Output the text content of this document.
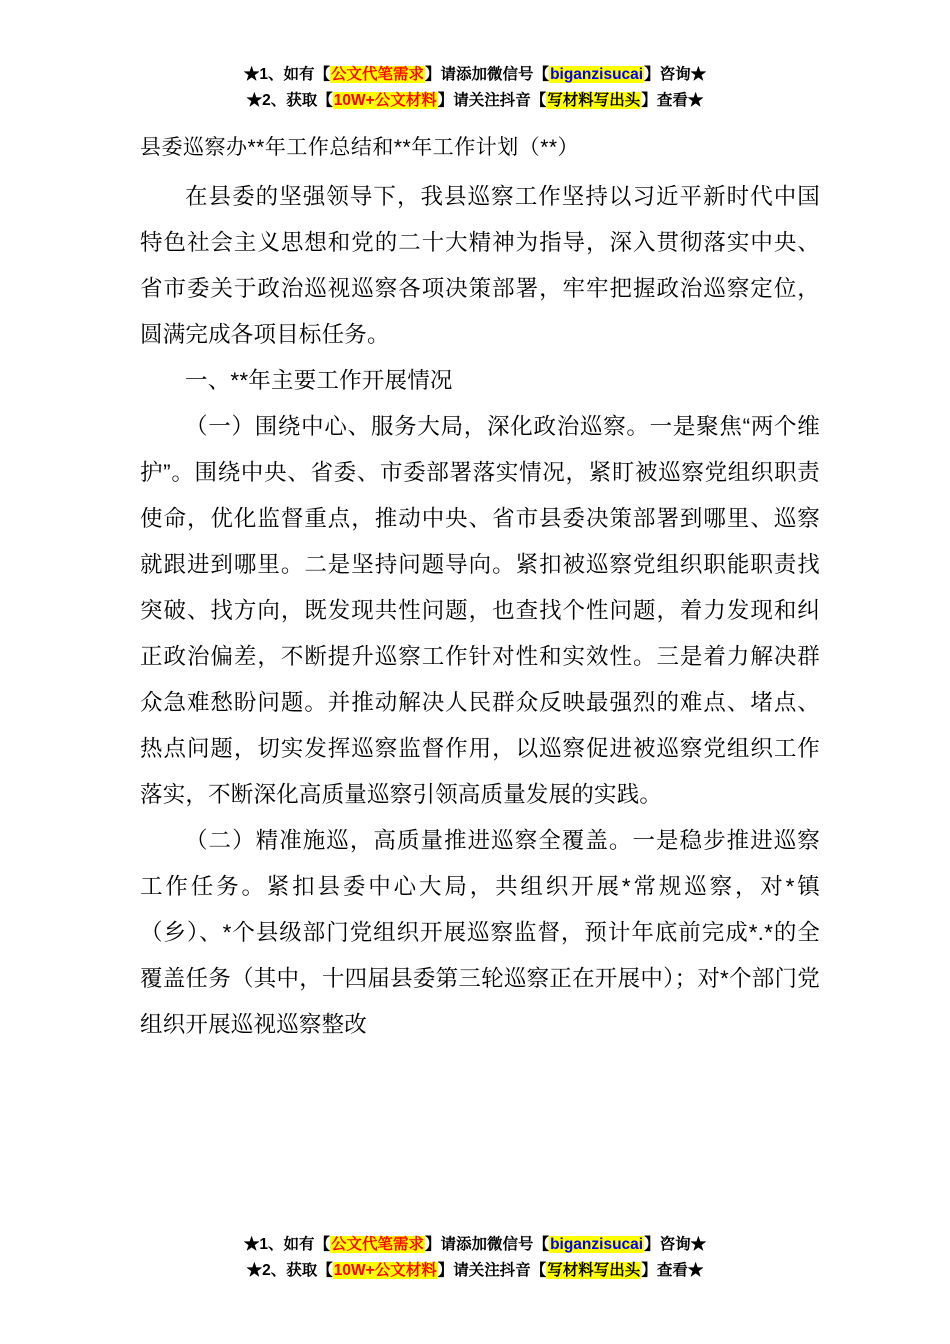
★1、如有【公文代笔需求】请添加微信号【biganzisucai】咨询★
★2、获取【10W+公文材料】请关注抖音【写材料写出头】查看★
县委巡察办**年工作总结和**年工作计划（**）

在县委的坚强领导下，我县巡察工作坚持以习近平新时代中国特色社会主义思想和党的二十大精神为指导，深入贯彻落实中央、省市委关于政治巡视巡察各项决策部署，牢牢把握政治巡察定位，圆满完成各项目标任务。

一、**年主要工作开展情况

（一）围绕中心、服务大局，深化政治巡察。一是聚焦“两个维护”。围绕中央、省委、市委部署落实情况，紧盯被巡察党组织职责使命，优化监督重点，推动中央、省市县委决策部署到哪里、巡察就跟进到哪里。二是坚持问题导向。紧扣被巡察党组织职能职责找突破、找方向，既发现共性问题，也查找个性问题，着力发现和纠正政治偏差，不断提升巡察工作针对性和实效性。三是着力解决群众急难愁盼问题。并推动解决人民群众反映最强烈的难点、堵点、热点问题，切实发挥巡察监督作用，以巡察促进被巡察党组织工作落实，不断深化高质量巡察引领高质量发展的实践。

（二）精准施巡，高质量推进巡察全覆盖。一是稳步推进巡察工作任务。紧扣县委中心大局，共组织开展*常规巡察，对*镇（乡）、*个县级部门党组织开展巡察监督，预计年底前完成*.*的全覆盖任务（其中，十四届县委第三轮巡察正在开展中）；对*个部门党组织开展巡视巡察整改

★1、如有【公文代笔需求】请添加微信号【biganzisucai】咨询★
★2、获取【10W+公文材料】请关注抖音【写材料写出头】查看★
